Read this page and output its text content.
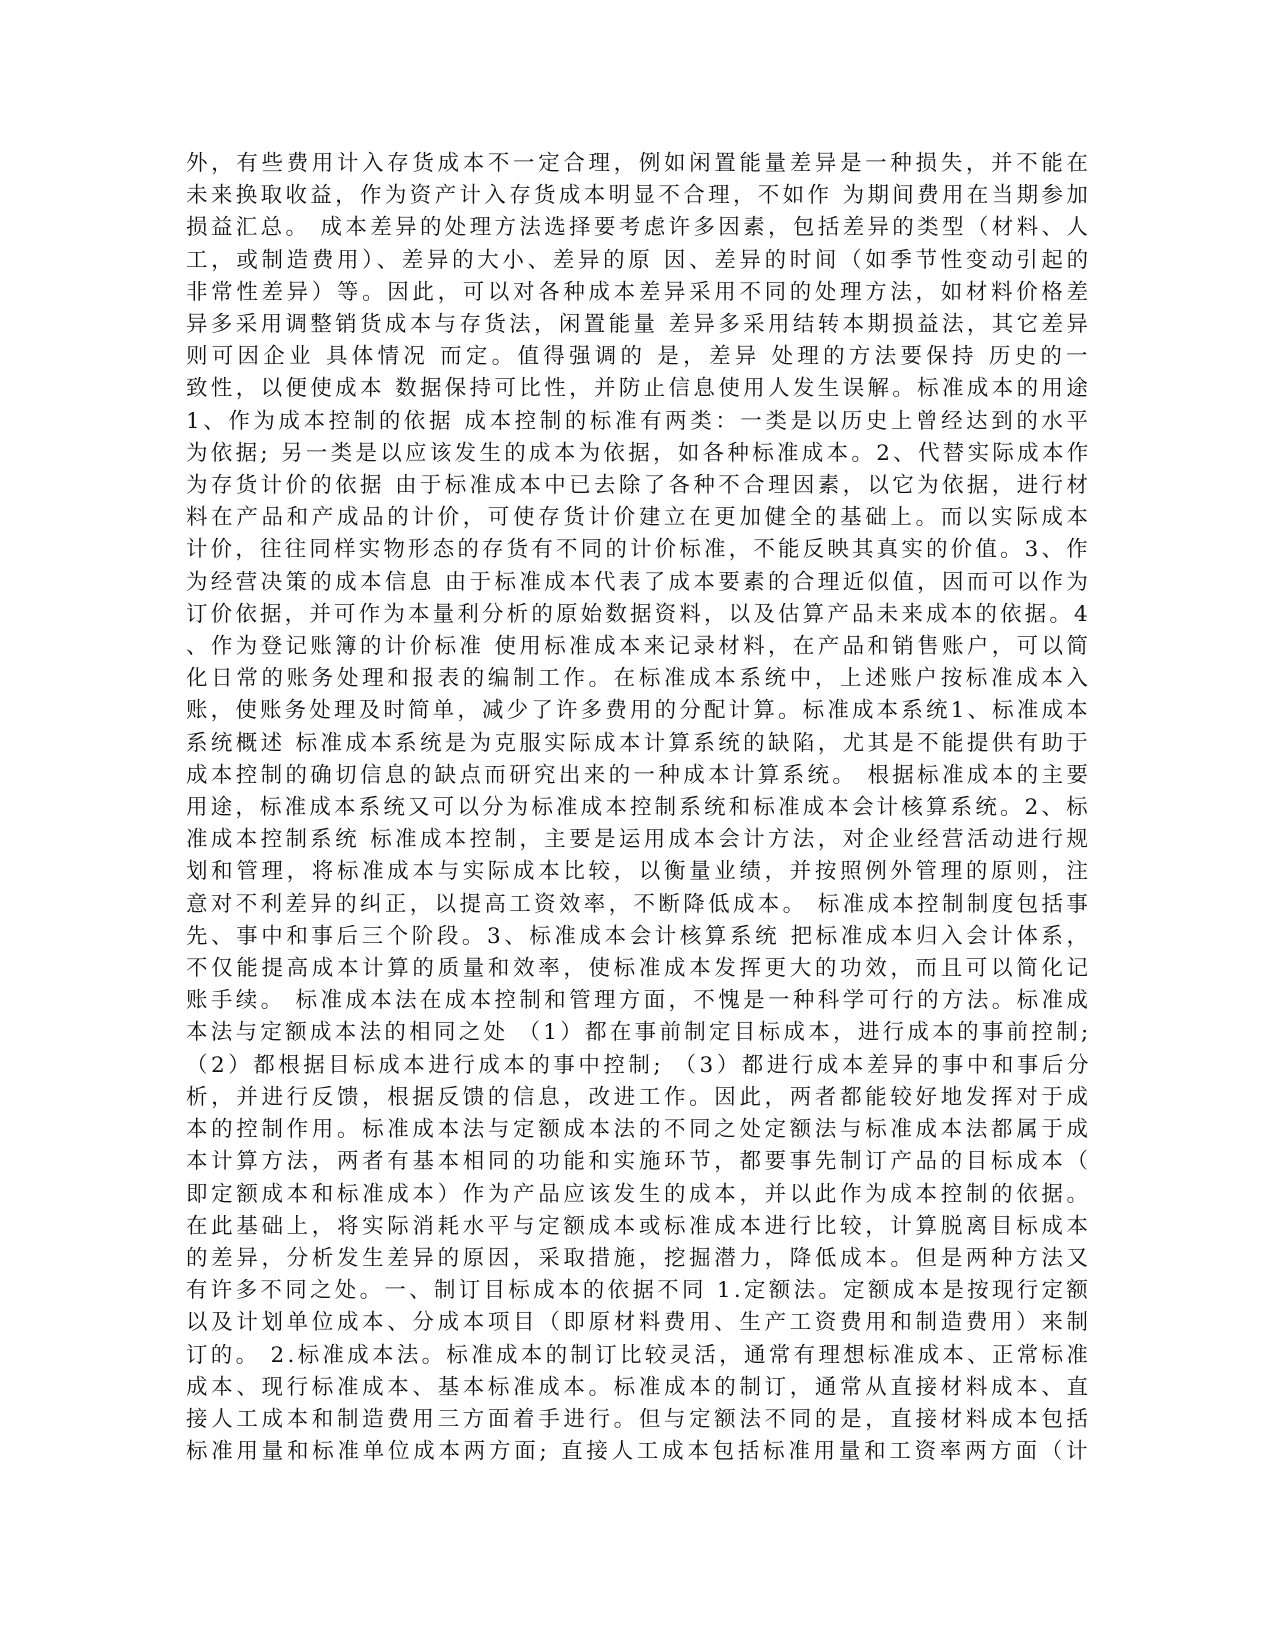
外，有些费用计入存货成本不一定合理，例如闲置能量差异是一种损失，并不能在
未来换取收益，作为资产计入存货成本明显不合理，不如作 为期间费用在当期参加
损益汇总。 成本差异的处理方法选择要考虑许多因素，包括差异的类型（材料、人
工，或制造费用）、差异的大小、差异的原 因、差异的时间（如季节性变动引起的
非常性差异）等。因此，可以对各种成本差异采用不同的处理方法，如材料价格差
异多采用调整销货成本与存货法，闲置能量 差异多采用结转本期损益法，其它差异
则可因企业 具体情况 而定。值得强调的 是，差异 处理的方法要保持 历史的一
致性，以便使成本 数据保持可比性，并防止信息使用人发生误解。标准成本的用途
1、作为成本控制的依据 成本控制的标准有两类：一类是以历史上曾经达到的水平
为依据; 另一类是以应该发生的成本为依据，如各种标准成本。2、代替实际成本作
为存货计价的依据 由于标准成本中已去除了各种不合理因素，以它为依据，进行材
料在产品和产成品的计价，可使存货计价建立在更加健全的基础上。而以实际成本
计价，往往同样实物形态的存货有不同的计价标准，不能反映其真实的价值。3、作
为经营决策的成本信息 由于标准成本代表了成本要素的合理近似值，因而可以作为
订价依据，并可作为本量利分析的原始数据资料，以及估算产品未来成本的依据。4
、作为登记账簿的计价标准 使用标准成本来记录材料，在产品和销售账户，可以简
化日常的账务处理和报表的编制工作。在标准成本系统中，上述账户按标准成本入
账，使账务处理及时简单，减少了许多费用的分配计算。标准成本系统1、标准成本
系统概述 标准成本系统是为克服实际成本计算系统的缺陷，尤其是不能提供有助于
成本控制的确切信息的缺点而研究出来的一种成本计算系统。 根据标准成本的主要
用途，标准成本系统又可以分为标准成本控制系统和标准成本会计核算系统。2、标
准成本控制系统 标准成本控制，主要是运用成本会计方法，对企业经营活动进行规
划和管理，将标准成本与实际成本比较，以衡量业绩，并按照例外管理的原则，注
意对不利差异的纠正，以提高工资效率，不断降低成本。 标准成本控制制度包括事
先、事中和事后三个阶段。3、标准成本会计核算系统 把标准成本归入会计体系，
不仅能提高成本计算的质量和效率，使标准成本发挥更大的功效，而且可以简化记
账手续。 标准成本法在成本控制和管理方面，不愧是一种科学可行的方法。标准成
本法与定额成本法的相同之处 （1）都在事前制定目标成本，进行成本的事前控制;
（2）都根据目标成本进行成本的事中控制; （3）都进行成本差异的事中和事后分
析，并进行反馈，根据反馈的信息，改进工作。因此，两者都能较好地发挥对于成
本的控制作用。标准成本法与定额成本法的不同之处定额法与标准成本法都属于成
本计算方法，两者有基本相同的功能和实施环节，都要事先制订产品的目标成本（
即定额成本和标准成本）作为产品应该发生的成本，并以此作为成本控制的依据。
在此基础上，将实际消耗水平与定额成本或标准成本进行比较，计算脱离目标成本
的差异，分析发生差异的原因，采取措施，挖掘潜力，降低成本。但是两种方法又
有许多不同之处。一、制订目标成本的依据不同 1.定额法。定额成本是按现行定额
以及计划单位成本、分成本项目（即原材料费用、生产工资费用和制造费用）来制
订的。 2.标准成本法。标准成本的制订比较灵活，通常有理想标准成本、正常标准
成本、现行标准成本、基本标准成本。标准成本的制订，通常从直接材料成本、直
接人工成本和制造费用三方面着手进行。但与定额法不同的是，直接材料成本包括
标准用量和标准单位成本两方面; 直接人工成本包括标准用量和工资率两方面（计
